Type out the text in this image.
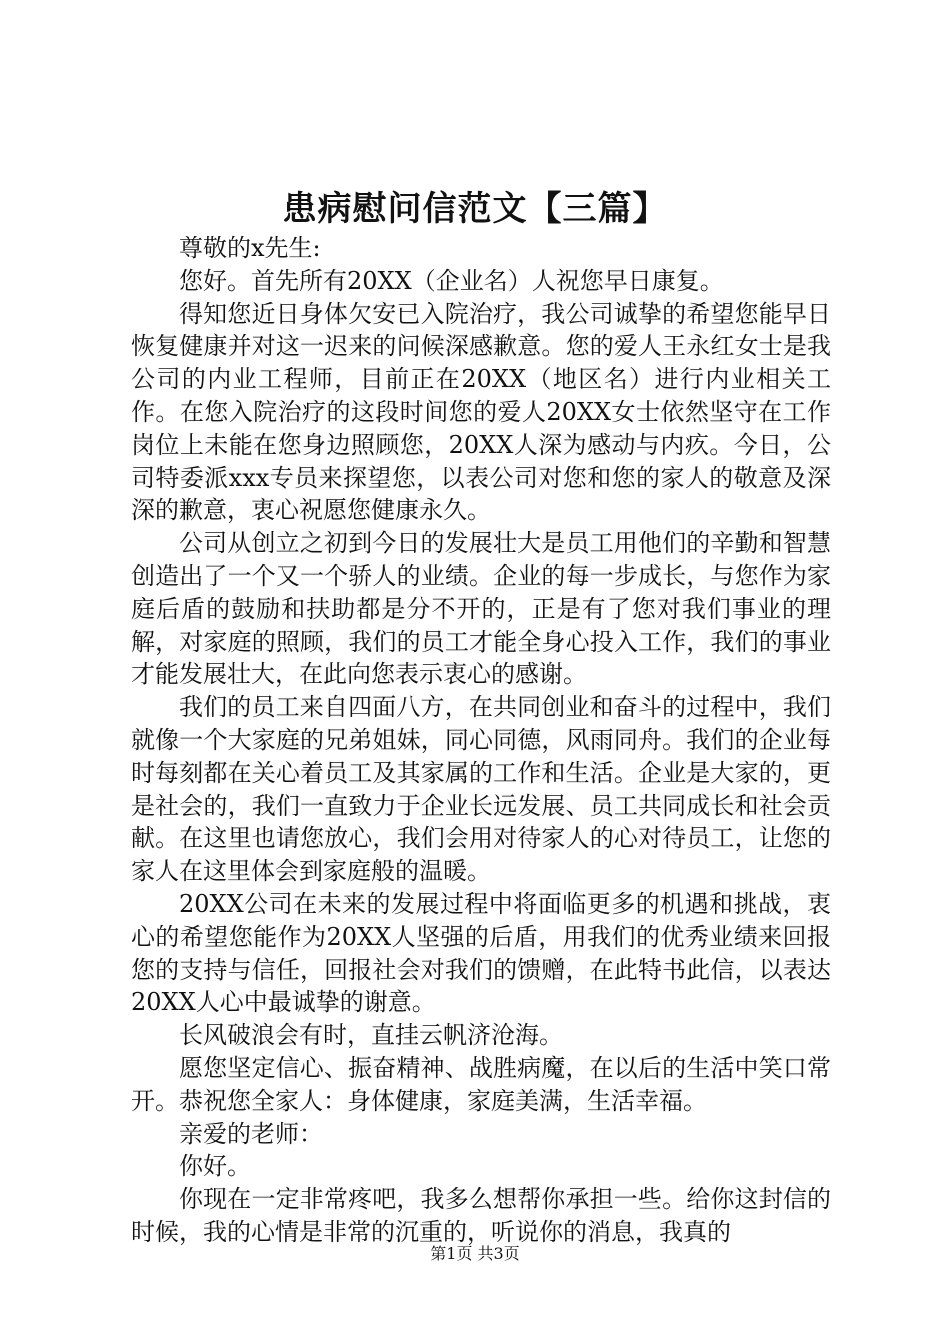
患病慰问信范文【三篇】

尊敬的x先生:

您好。首先所有20XX（企业名）人祝您早日康复。

得知您近日身体欠安已入院治疗，我公司诚挚的希望您能早日恢复健康并对这一迟来的问候深感歉意。您的爱人王永红女士是我公司的内业工程师，目前正在20XX（地区名）进行内业相关工作。在您入院治疗的这段时间您的爱人20XX女士依然坚守在工作岗位上未能在您身边照顾您，20XX人深为感动与内疚。今日，公司特委派xxx专员来探望您，以表公司对您和您的家人的敬意及深深的歉意，衷心祝愿您健康永久。

公司从创立之初到今日的发展壮大是员工用他们的辛勤和智慧创造出了一个又一个骄人的业绩。企业的每一步成长，与您作为家庭后盾的鼓励和扶助都是分不开的，正是有了您对我们事业的理解，对家庭的照顾，我们的员工才能全身心投入工作，我们的事业才能发展壮大，在此向您表示衷心的感谢。

我们的员工来自四面八方，在共同创业和奋斗的过程中，我们就像一个大家庭的兄弟姐妹，同心同德，风雨同舟。我们的企业每时每刻都在关心着员工及其家属的工作和生活。企业是大家的，更是社会的，我们一直致力于企业长远发展、员工共同成长和社会贡献。在这里也请您放心，我们会用对待家人的心对待员工，让您的家人在这里体会到家庭般的温暖。

20XX公司在未来的发展过程中将面临更多的机遇和挑战，衷心的希望您能作为20XX人坚强的后盾，用我们的优秀业绩来回报您的支持与信任，回报社会对我们的馈赠，在此特书此信，以表达20XX人心中最诚挚的谢意。

长风破浪会有时，直挂云帆济沧海。

愿您坚定信心、振奋精神、战胜病魔，在以后的生活中笑口常开。恭祝您全家人：身体健康，家庭美满，生活幸福。

亲爱的老师：

你好。

你现在一定非常疼吧，我多么想帮你承担一些。给你这封信的时候，我的心情是非常的沉重的，听说你的消息，我真的

第1页 共3页
